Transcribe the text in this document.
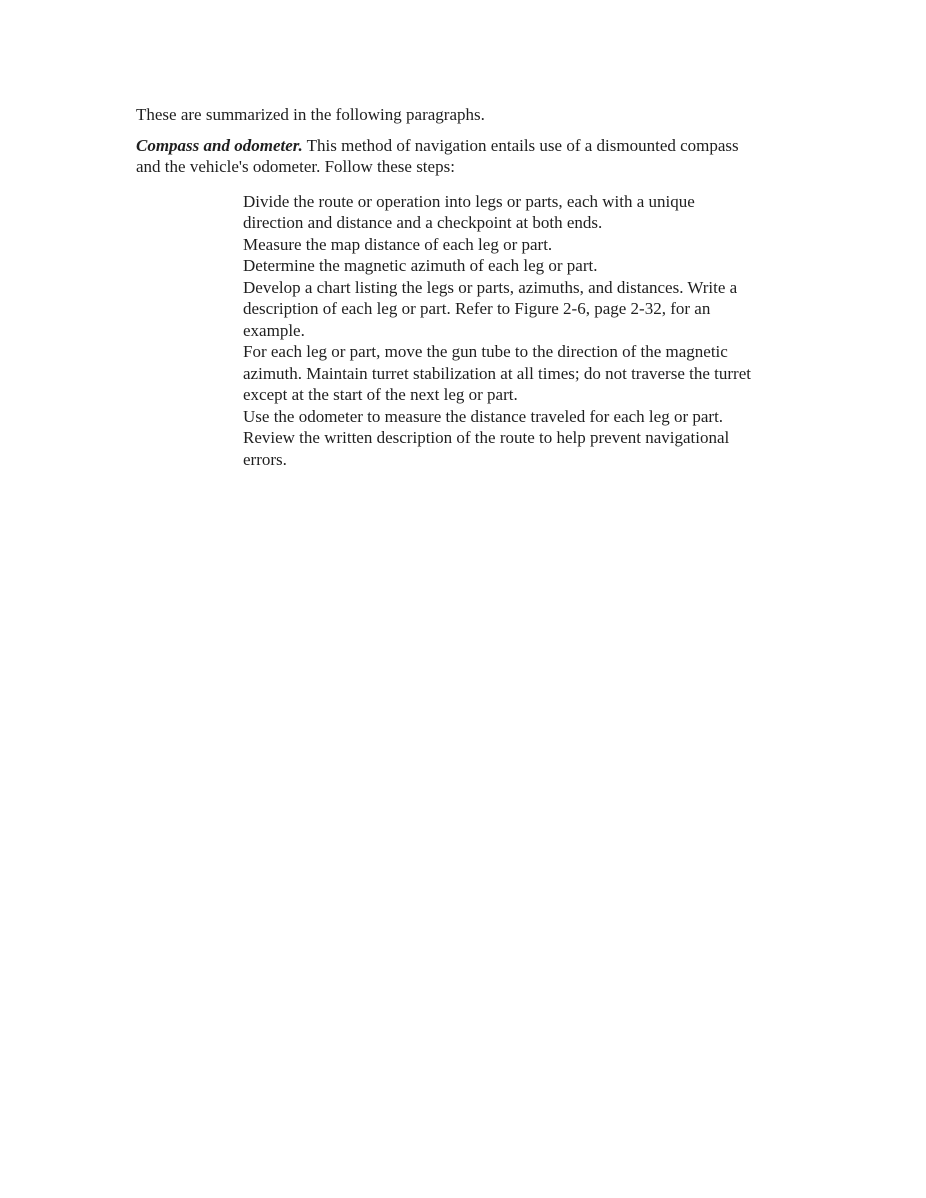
These are summarized in the following paragraphs.

Compass and odometer. This method of navigation entails use of a dismounted compass
and the vehicle's odometer. Follow these steps:

Divide the route or operation into legs or parts, each with a unique
direction and distance and a checkpoint at both ends.
Measure the map distance of each leg or part.
Determine the magnetic azimuth of each leg or part.
Develop a chart listing the legs or parts, azimuths, and distances. Write a
description of each leg or part. Refer to Figure 2-6, page 2-32, for an
example.
For each leg or part, move the gun tube to the direction of the magnetic
azimuth. Maintain turret stabilization at all times; do not traverse the turret
except at the start of the next leg or part.
Use the odometer to measure the distance traveled for each leg or part.
Review the written description of the route to help prevent navigational
errors.
